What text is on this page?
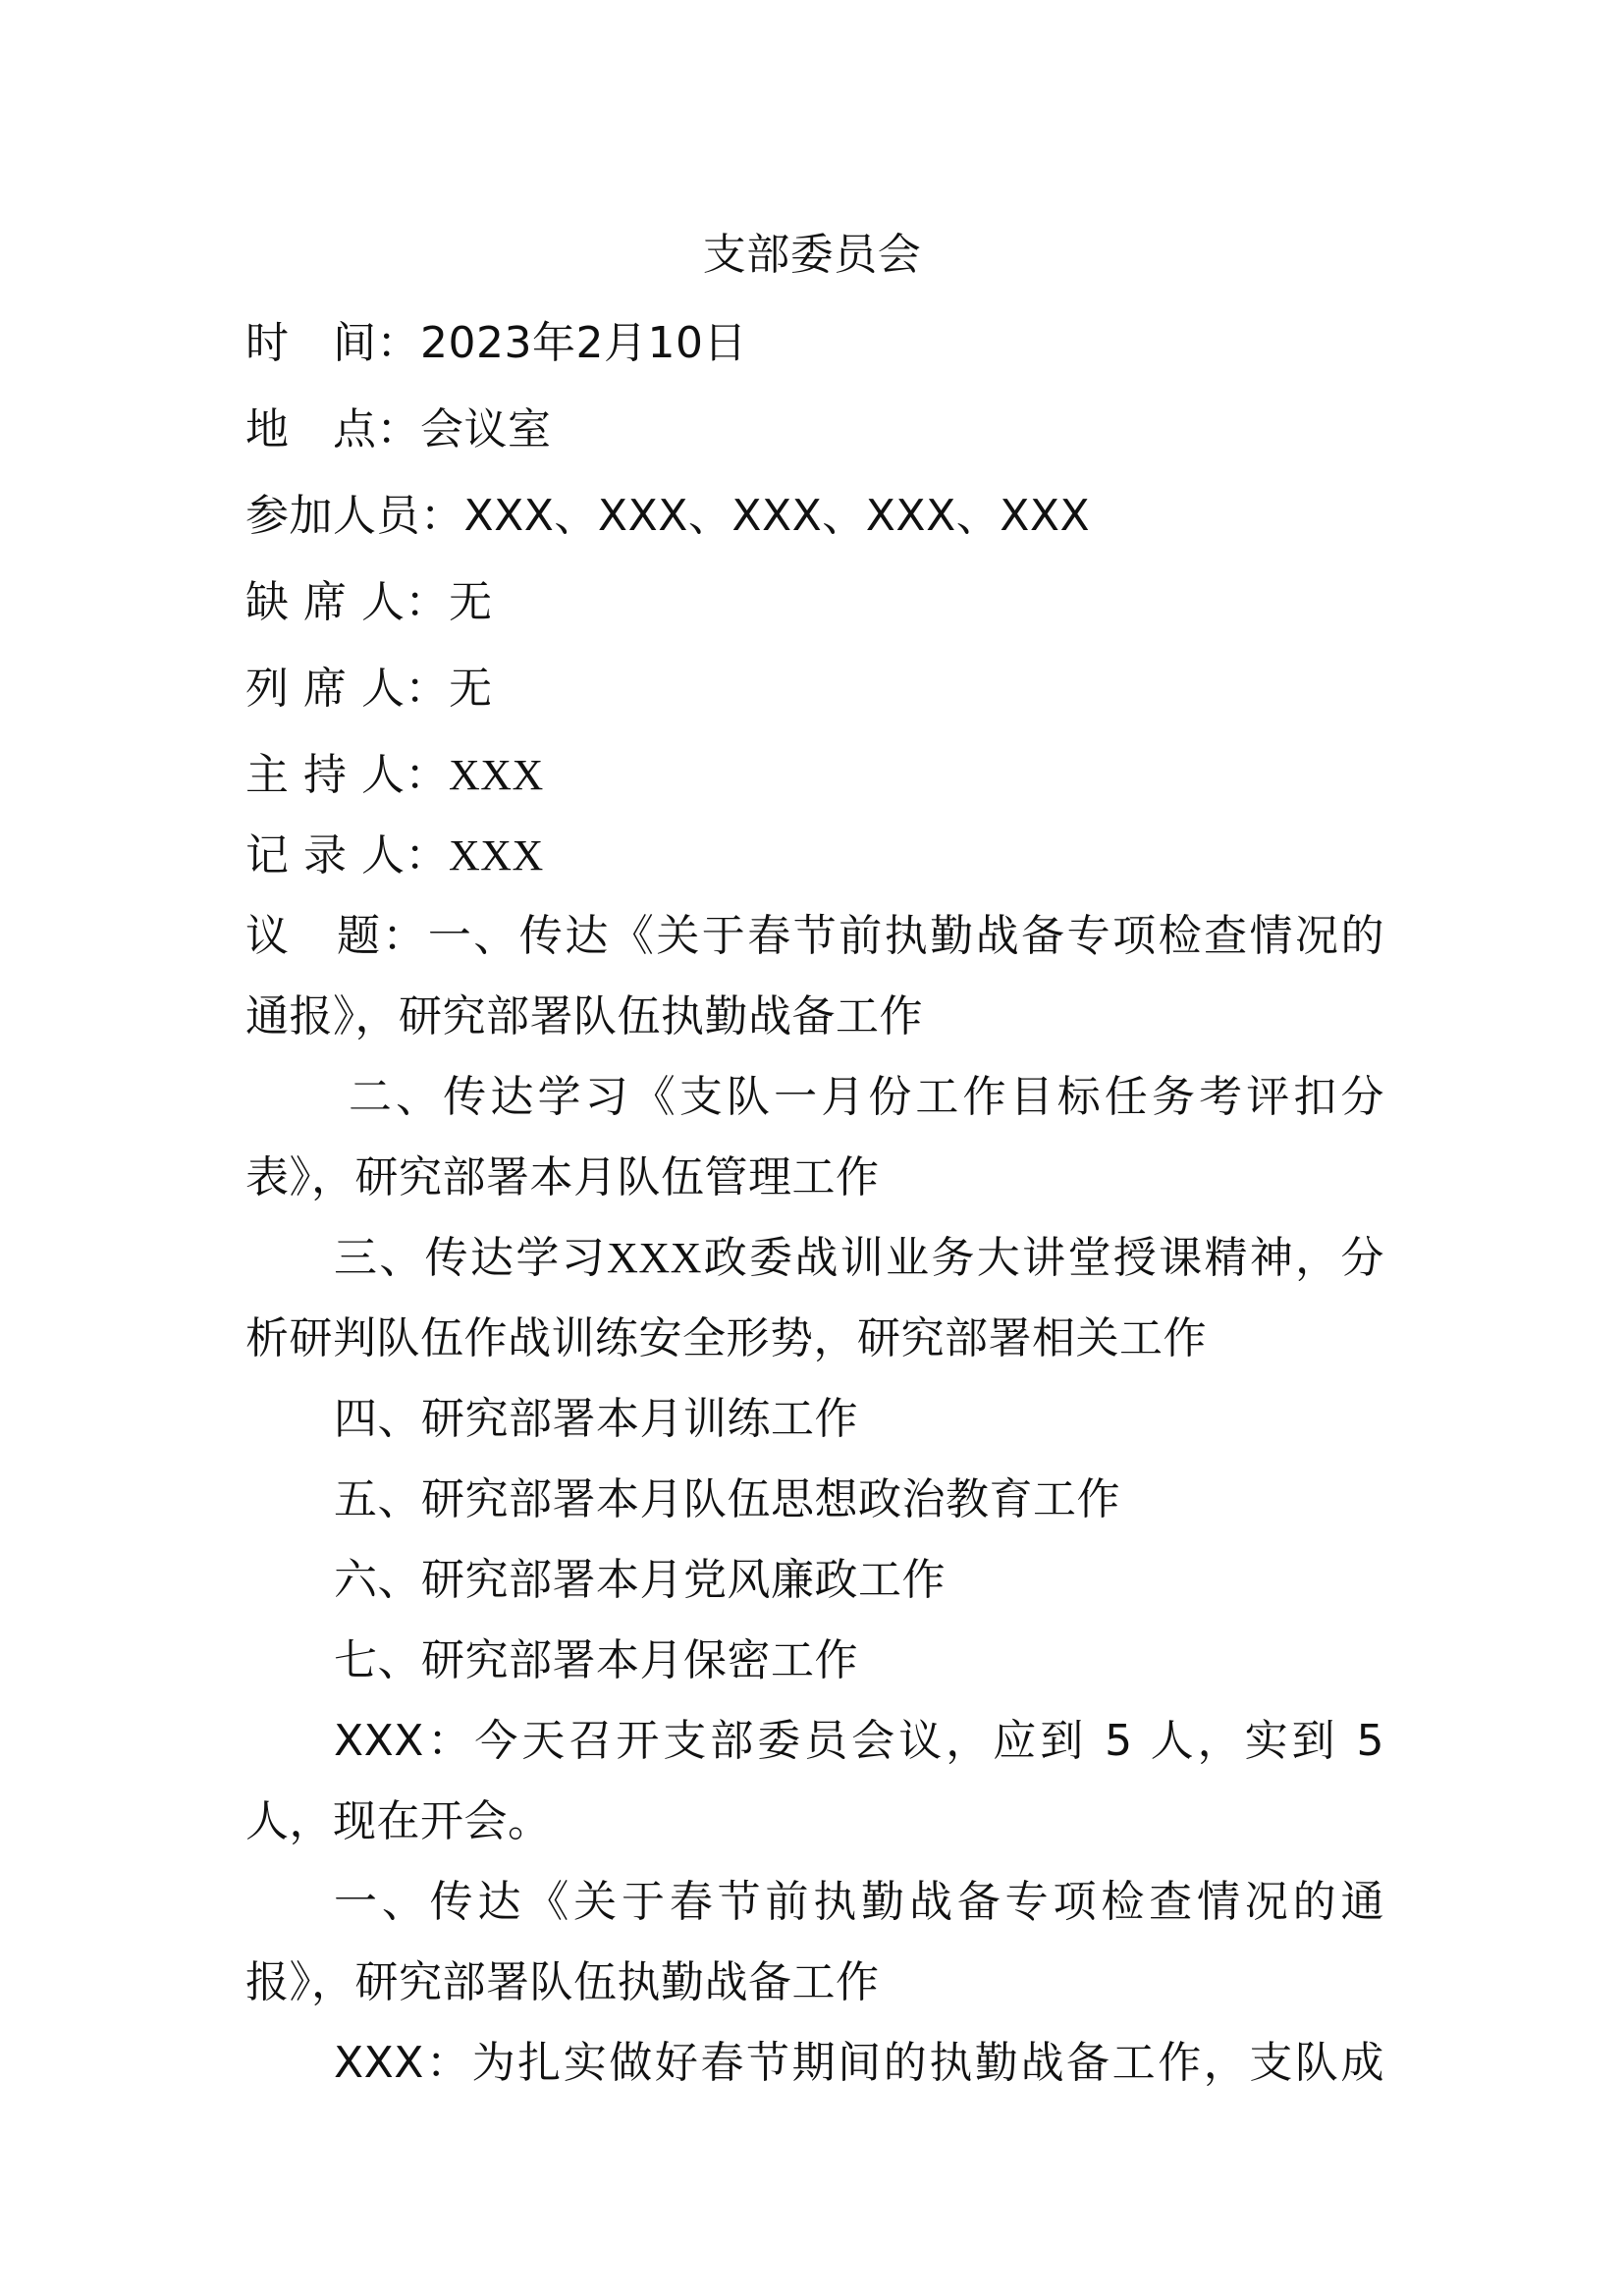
支部委员会
时　间：2023年2月10日
地　点：会议室
参加人员：XXX、XXX、XXX、XXX、XXX
缺 席 人：无
列 席 人：无
主 持 人：XXX
记 录 人：XXX
议　题：一、传达《关于春节前执勤战备专项检查情况的
通报》，研究部署队伍执勤战备工作
二、传达学习《支队一月份工作目标任务考评扣分
表》，研究部署本月队伍管理工作
三、传达学习XXX政委战训业务大讲堂授课精神，分
析研判队伍作战训练安全形势，研究部署相关工作
四、研究部署本月训练工作
五、研究部署本月队伍思想政治教育工作
六、研究部署本月党风廉政工作
七、研究部署本月保密工作
XXX：今天召开支部委员会议，应到 5 人，实到 5
人，现在开会。
一、传达《关于春节前执勤战备专项检查情况的通
报》，研究部署队伍执勤战备工作
XXX：为扎实做好春节期间的执勤战备工作，支队成
